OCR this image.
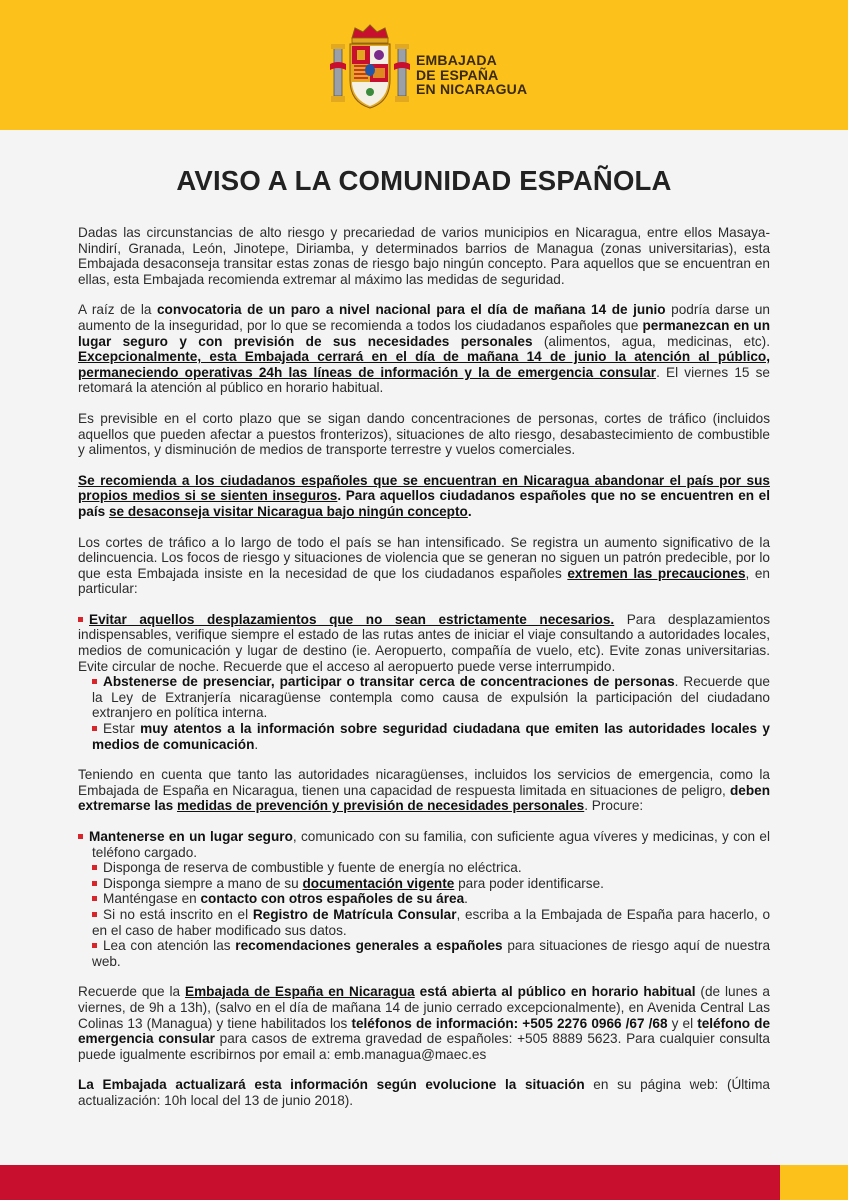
EMBAJADA
DE ESPAÑA
EN NICARAGUA
AVISO A LA COMUNIDAD ESPAÑOLA

Dadas las circunstancias de alto riesgo y precariedad de varios municipios en Nicaragua, entre ellos Masaya-Nindirí, Granada, León, Jinotepe, Diriamba, y determinados barrios de Managua (zonas universitarias), esta Embajada desaconseja transitar estas zonas de riesgo bajo ningún concepto. Para aquellos que se encuentran en ellas, esta Embajada recomienda extremar al máximo las medidas de seguridad.

A raíz de la convocatoria de un paro a nivel nacional para el día de mañana 14 de junio podría darse un aumento de la inseguridad, por lo que se recomienda a todos los ciudadanos españoles que permanezcan en un lugar seguro y con previsión de sus necesidades personales (alimentos, agua, medicinas, etc). Excepcionalmente, esta Embajada cerrará en el día de mañana 14 de junio la atención al público, permaneciendo operativas 24h las líneas de información y la de emergencia consular. El viernes 15 se retomará la atención al público en horario habitual.

Es previsible en el corto plazo que se sigan dando concentraciones de personas, cortes de tráfico (incluidos aquellos que pueden afectar a puestos fronterizos), situaciones de alto riesgo, desabastecimiento de combustible y alimentos, y disminución de medios de transporte terrestre y vuelos comerciales.

Se recomienda a los ciudadanos españoles que se encuentran en Nicaragua abandonar el país por sus propios medios si se sienten inseguros. Para aquellos ciudadanos españoles que no se encuentren en el país se desaconseja visitar Nicaragua bajo ningún concepto.

Los cortes de tráfico a lo largo de todo el país se han intensificado. Se registra un aumento significativo de la delincuencia. Los focos de riesgo y situaciones de violencia que se generan no siguen un patrón predecible, por lo que esta Embajada insiste en la necesidad de que los ciudadanos españoles extremen las precauciones, en particular:

Evitar aquellos desplazamientos que no sean estrictamente necesarios. Para desplazamientos indispensables, verifique siempre el estado de las rutas antes de iniciar el viaje consultando a autoridades locales, medios de comunicación y lugar de destino (ie. Aeropuerto, compañía de vuelo, etc). Evite zonas universitarias. Evite circular de noche. Recuerde que el acceso al aeropuerto puede verse interrumpido.

Abstenerse de presenciar, participar o transitar cerca de concentraciones de personas. Recuerde que la Ley de Extranjería nicaragüense contempla como causa de expulsión la participación del ciudadano extranjero en política interna.

Estar muy atentos a la información sobre seguridad ciudadana que emiten las autoridades locales y medios de comunicación.

Teniendo en cuenta que tanto las autoridades nicaragüenses, incluidos los servicios de emergencia, como la Embajada de España en Nicaragua, tienen una capacidad de respuesta limitada en situaciones de peligro, deben extremarse las medidas de prevención y previsión de necesidades personales. Procure:

Mantenerse en un lugar seguro, comunicado con su familia, con suficiente agua víveres y medicinas, y con el teléfono cargado.

Disponga de reserva de combustible y fuente de energía no eléctrica.

Disponga siempre a mano de su documentación vigente para poder identificarse.

Manténgase en contacto con otros españoles de su área.

Si no está inscrito en el Registro de Matrícula Consular, escriba a la Embajada de España para hacerlo, o en el caso de haber modificado sus datos.

Lea con atención las recomendaciones generales a españoles para situaciones de riesgo aquí de nuestra web.

Recuerde que la Embajada de España en Nicaragua está abierta al público en horario habitual (de lunes a viernes, de 9h a 13h), (salvo en el día de mañana 14 de junio cerrado excepcionalmente), en Avenida Central Las Colinas 13 (Managua) y tiene habilitados los teléfonos de información: +505 2276 0966 /67 /68 y el teléfono de emergencia consular para casos de extrema gravedad de españoles: +505 8889 5623. Para cualquier consulta puede igualmente escribirnos por email a: emb.managua@maec.es

La Embajada actualizará esta información según evolucione la situación en su página web: (Última actualización: 10h local del 13 de junio 2018).
